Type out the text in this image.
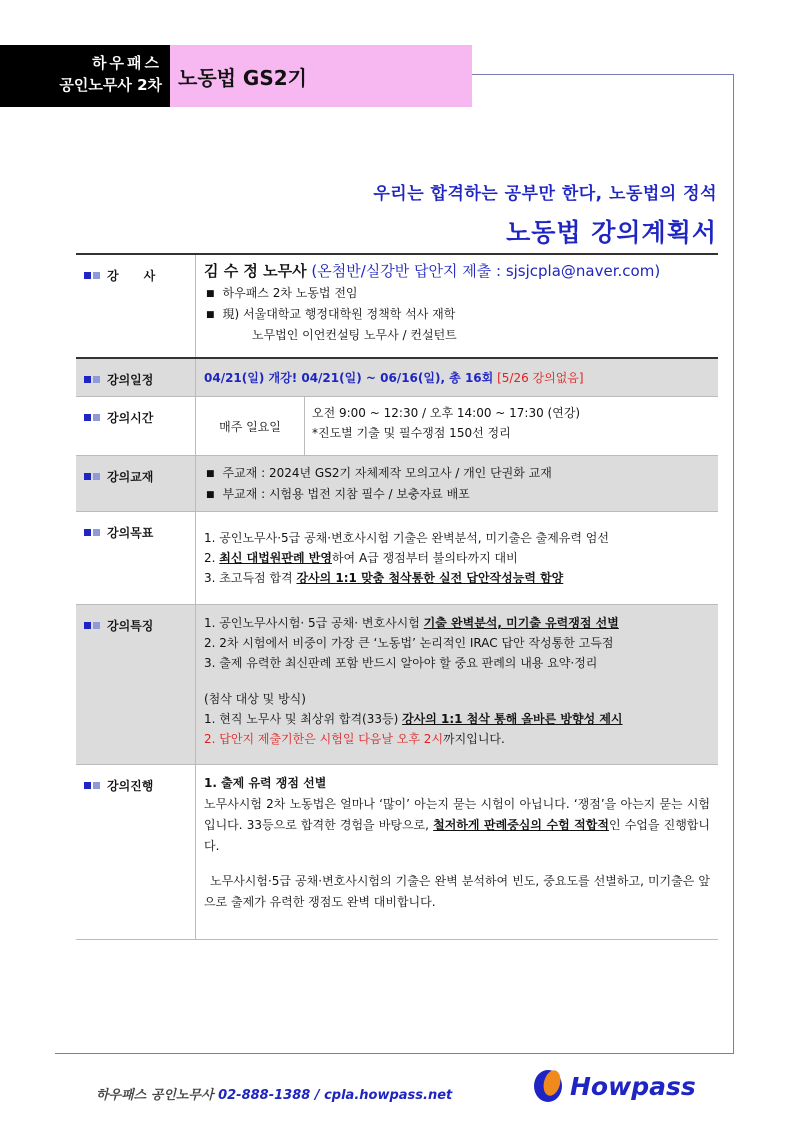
하우패스
공인노무사 2차 노동법 GS2기
우리는 합격하는 공부만 한다, 노동법의 정석
노동법 강의계획서
강      사	김 수 정 노무사 (온첨반/실강반 답안지 제출 : sjsjcpla@naver.com)
■ 하우패스 2차 노동법 전임
■ 現) 서울대학교 행정대학원 정책학 석사 재학
노무법인 이언컨설팅 노무사 / 컨설턴트
강의일정	04/21(일) 개강! 04/21(일) ~ 06/16(일), 총 16회 [5/26 강의없음]
강의시간
매주 일요일
오전 9:00 ~ 12:30 / 오후 14:00 ~ 17:30 (연강)
*진도별 기출 및 필수쟁점 150선 정리
강의교재
■	주교재 : 2024년 GS2기 자체제작 모의고사 / 개인 단권화 교재
■ 부교재 : 시험용 법전 지참 필수 / 보충자료 배포
강의목표	1. 공인노무사·5급 공채·변호사시험 기출은 완벽분석, 미기출은 출제유력 엄선
2. 최신 대법원판례 반영하여 A급 쟁점부터 불의타까지 대비
3. 초고득점 합격 강사의 1:1 맞춤 첨삭통한 실전 답안작성능력 함양
강의특징	1. 공인노무사시험· 5급 공채· 변호사시험 기출 완벽분석, 미기출 유력쟁점 선별
2. 2차 시험에서 비중이 가장 큰 ‘노동법’ 논리적인 IRAC 답안 작성통한 고득점
3. 출제 유력한 최신판례 포함 반드시 알아야 할 중요 판례의 내용 요약·정리
(첨삭 대상 및 방식)
1. 현직 노무사 및 최상위 합격(33등) 강사의 1:1 첨삭 통해 올바른 방향성 제시
2. 답안지 제출기한은 시험일 다음날 오후 2시까지입니다.
강의진행	1. 출제 유력 쟁점 선별
노무사시험 2차 노동법은 얼마나 ‘많이’ 아는지 묻는 시험이 아닙니다. ‘쟁점’을 아는지 묻는 시험입니다. 33등으로 합격한 경험을 바탕으로, 철저하게 판례중심의 수험 적합적인 수업을 진행합니다.
노무사시험·5급 공채·변호사시험의 기출은 완벽 분석하여 빈도, 중요도를 선별하고, 미기출은 앞으로 출제가 유력한 쟁점도 완벽 대비합니다.
하우패스 공인노무사 02-888-1388 / cpla.howpass.net	Howpass
